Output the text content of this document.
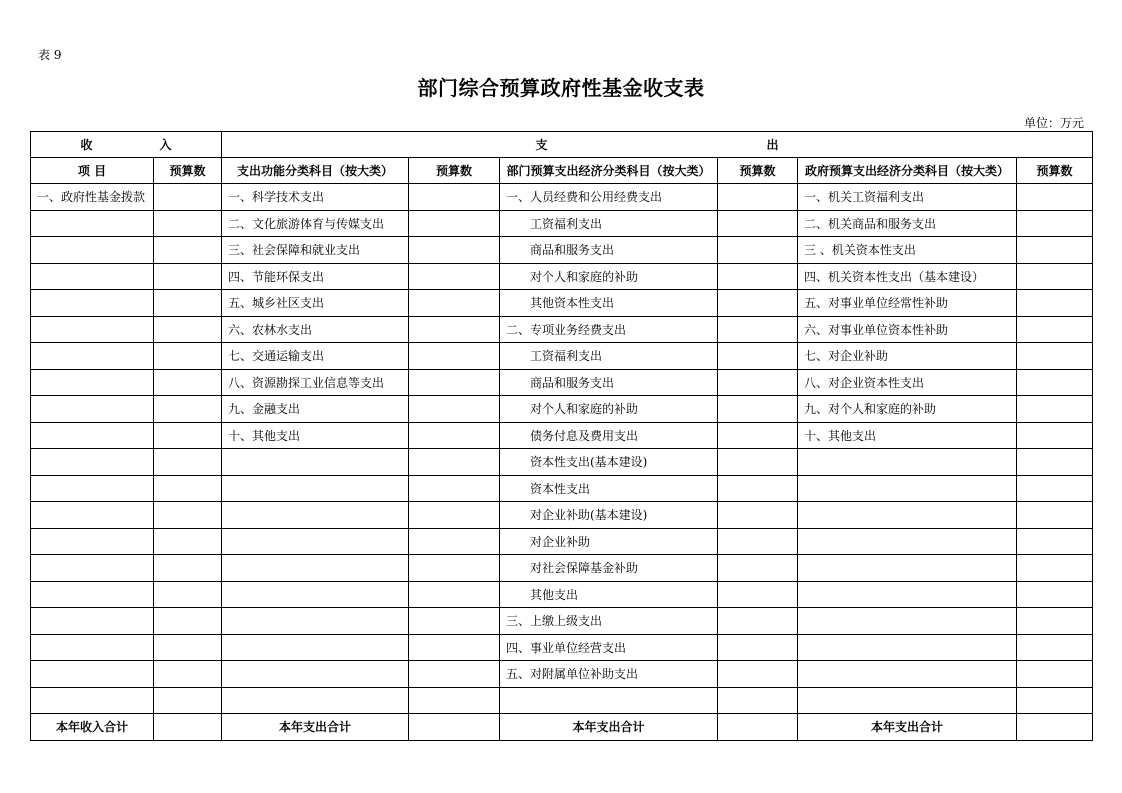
表 9
部门综合预算政府性基金收支表
单位：万元
收 入		支 出					

项 目	预算数	支出功能分类科目（按大类）	预算数	部门预算支出经济分类科目（按大类）	预算数	政府预算支出经济分类科目（按大类）	预算数
一、政府性基金拨款		一、科学技术支出		一、人员经费和公用经费支出		一、机关工资福利支出	
		二、文化旅游体育与传媒支出		工资福利支出		二、机关商品和服务支出	
		三、社会保障和就业支出		商品和服务支出		三 、机关资本性支出	
		四、节能环保支出		对个人和家庭的补助		四、机关资本性支出（基本建设）	
		五、城乡社区支出		其他资本性支出		五、对事业单位经常性补助	
		六、农林水支出		二、专项业务经费支出		六、对事业单位资本性补助	
		七、交通运输支出		工资福利支出		七、对企业补助	
		八、资源勘探工业信息等支出		商品和服务支出		八、对企业资本性支出	
		九、金融支出		对个人和家庭的补助		九、对个人和家庭的补助	
		十、其他支出		债务付息及费用支出		十、其他支出	
				资本性支出(基本建设)			
				资本性支出			
				对企业补助(基本建设)			
				对企业补助			
				对社会保障基金补助			
				其他支出			
				三、上缴上级支出			
				四、事业单位经营支出			
				五、对附属单位补助支出			

本年收入合计		本年支出合计		本年支出合计		本年支出合计	
